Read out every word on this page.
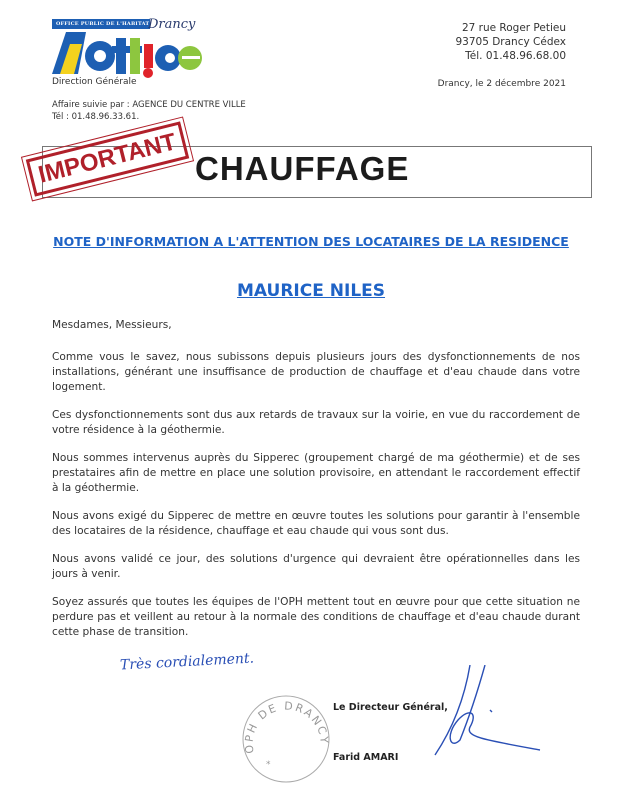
OFFICE PUBLIC DE L'HABITAT
Drancy
Direction Générale
27 rue Roger Petieu
93705 Drancy Cédex
Tél. 01.48.96.68.00
Drancy, le 2 décembre 2021
Affaire suivie par : AGENCE DU CENTRE VILLE
Tél : 01.48.96.33.61.
CHAUFFAGE
IMPORTANT
NOTE D'INFORMATION A L'ATTENTION DES LOCATAIRES DE LA RESIDENCE
MAURICE NILES

Mesdames, Messieurs,

Comme vous le savez, nous subissons depuis plusieurs jours des dysfonctionnements de nos installations, générant une insuffisance de production de chauffage et d'eau chaude dans votre logement.

Ces dysfonctionnements sont dus aux retards de travaux sur la voirie, en vue du raccordement de votre résidence à la géothermie.

Nous sommes intervenus auprès du Sipperec (groupement chargé de ma géothermie) et de ses prestataires afin de mettre en place une solution provisoire, en attendant le raccordement effectif à la géothermie.

Nous avons exigé du Sipperec de mettre en œuvre toutes les solutions pour garantir à l'ensemble des locataires de la résidence, chauffage et eau chaude qui vous sont dus.

Nous avons validé ce jour, des solutions d'urgence qui devraient être opérationnelles dans les jours à venir.

Soyez assurés que toutes les équipes de l'OPH mettent tout en œuvre pour que cette situation ne perdure pas et veillent au retour à la normale des conditions de chauffage et d'eau chaude durant cette phase de transition.

Très cordialement.
OPH DE DRANCY
*
Le Directeur Général,
Farid AMARI
